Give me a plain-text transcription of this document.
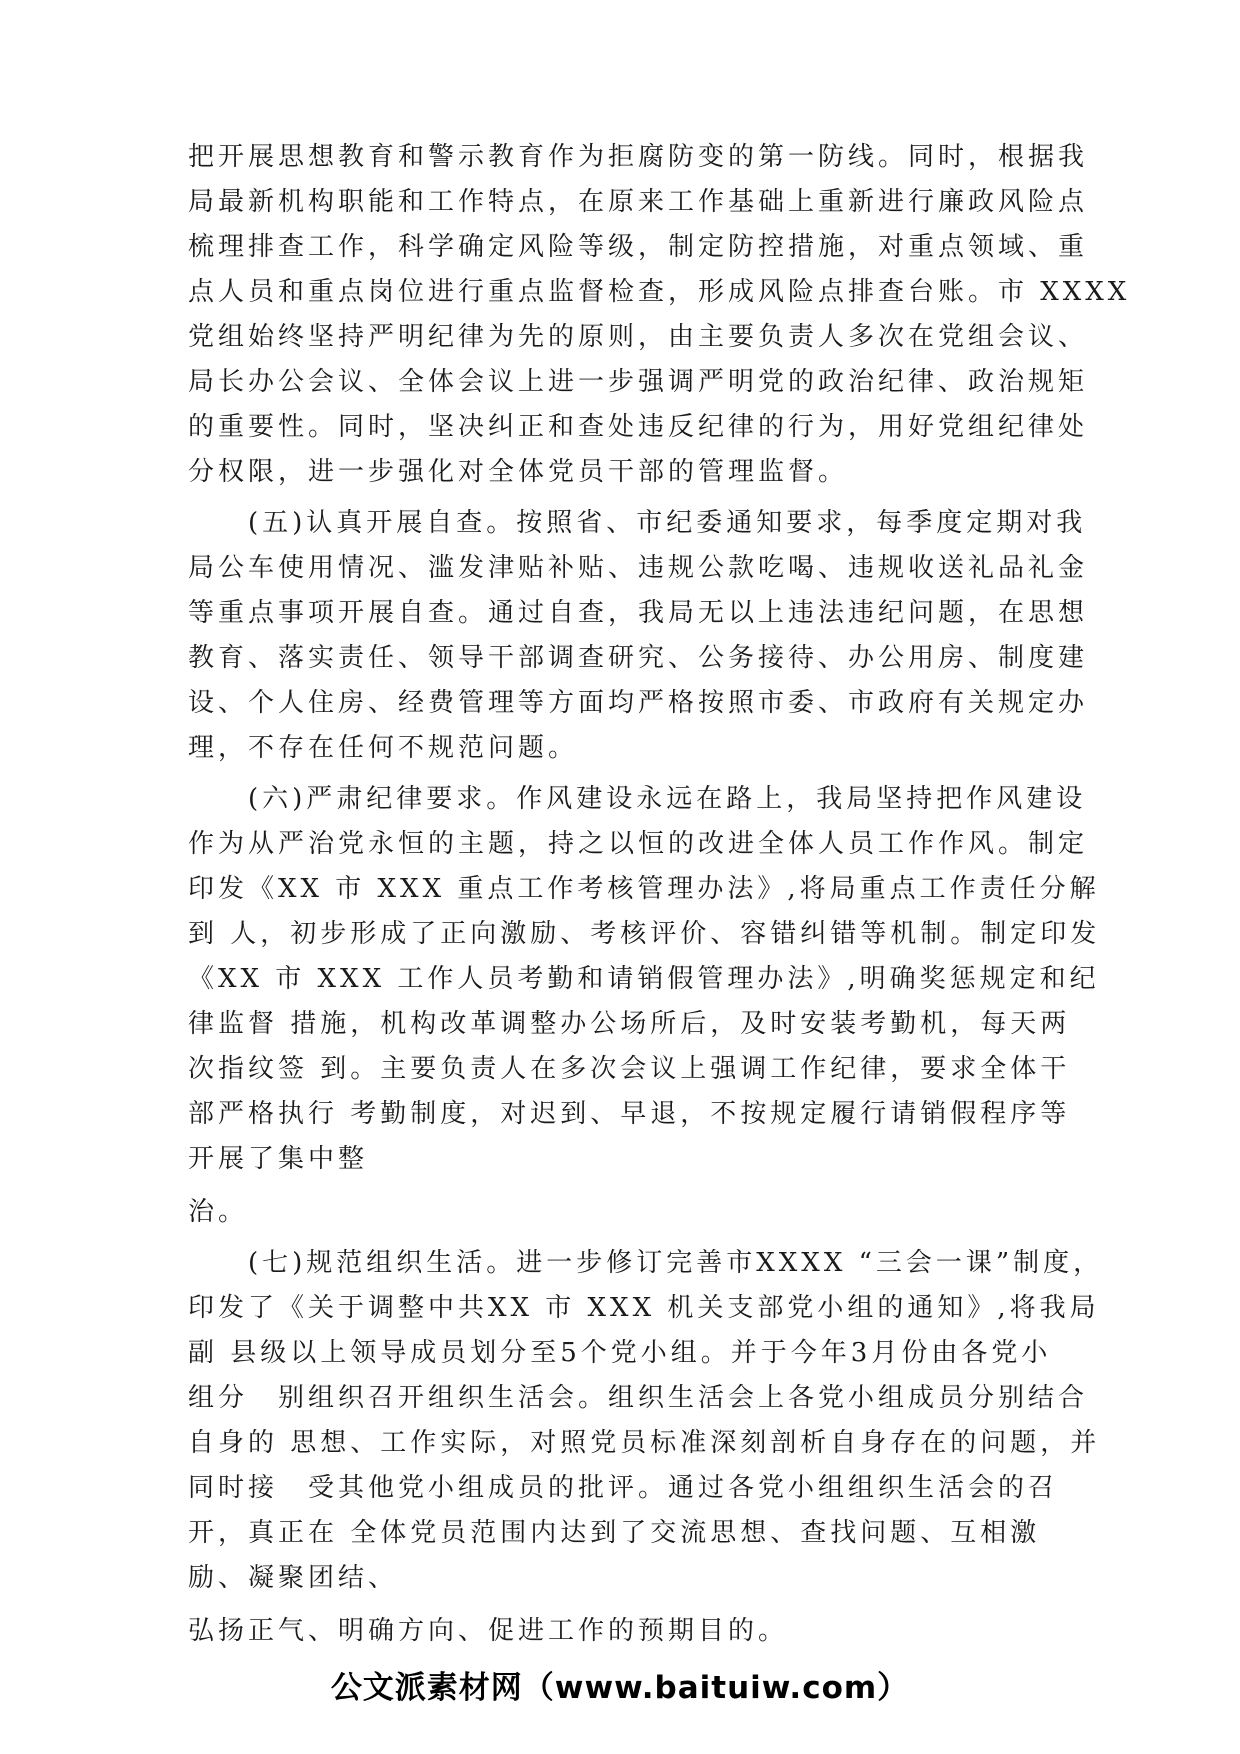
把开展思想教育和警示教育作为拒腐防变的第一防线。同时，根据我
局最新机构职能和工作特点，在原来工作基础上重新进行廉政风险点
梳理排查工作，科学确定风险等级，制定防控措施，对重点领域、重
点人员和重点岗位进行重点监督检查，形成风险点排查台账。市 XXXX
党组始终坚持严明纪律为先的原则，由主要负责人多次在党组会议、
局长办公会议、全体会议上进一步强调严明党的政治纪律、政治规矩
的重要性。同时，坚决纠正和查处违反纪律的行为，用好党组纪律处
分权限，进一步强化对全体党员干部的管理监督。
　　(五)认真开展自查。按照省、市纪委通知要求，每季度定期对我
局公车使用情况、滥发津贴补贴、违规公款吃喝、违规收送礼品礼金
等重点事项开展自查。通过自查，我局无以上违法违纪问题，在思想
教育、落实责任、领导干部调查研究、公务接待、办公用房、制度建
设、个人住房、经费管理等方面均严格按照市委、市政府有关规定办
理，不存在任何不规范问题。
　　(六)严肃纪律要求。作风建设永远在路上，我局坚持把作风建设
作为从严治党永恒的主题，持之以恒的改进全体人员工作作风。制定
印发《XX 市 XXX 重点工作考核管理办法》,将局重点工作责任分解
到 人，初步形成了正向激励、考核评价、容错纠错等机制。制定印发
《XX 市 XXX 工作人员考勤和请销假管理办法》,明确奖惩规定和纪
律监督 措施，机构改革调整办公场所后，及时安装考勤机，每天两
次指纹签 到。主要负责人在多次会议上强调工作纪律，要求全体干
部严格执行 考勤制度，对迟到、早退，不按规定履行请销假程序等
开展了集中整
治。
　　(七)规范组织生活。进一步修订完善市XXXX “三会一课”制度，
印发了《关于调整中共XX 市 XXX 机关支部党小组的通知》,将我局
副 县级以上领导成员划分至5个党小组。并于今年3月份由各党小
组分　别组织召开组织生活会。组织生活会上各党小组成员分别结合
自身的 思想、工作实际，对照党员标准深刻剖析自身存在的问题，并
同时接　受其他党小组成员的批评。通过各党小组组织生活会的召
开，真正在 全体党员范围内达到了交流思想、查找问题、互相激
励、凝聚团结、
弘扬正气、明确方向、促进工作的预期目的。
公文派素材网（www.baituiw.com）
